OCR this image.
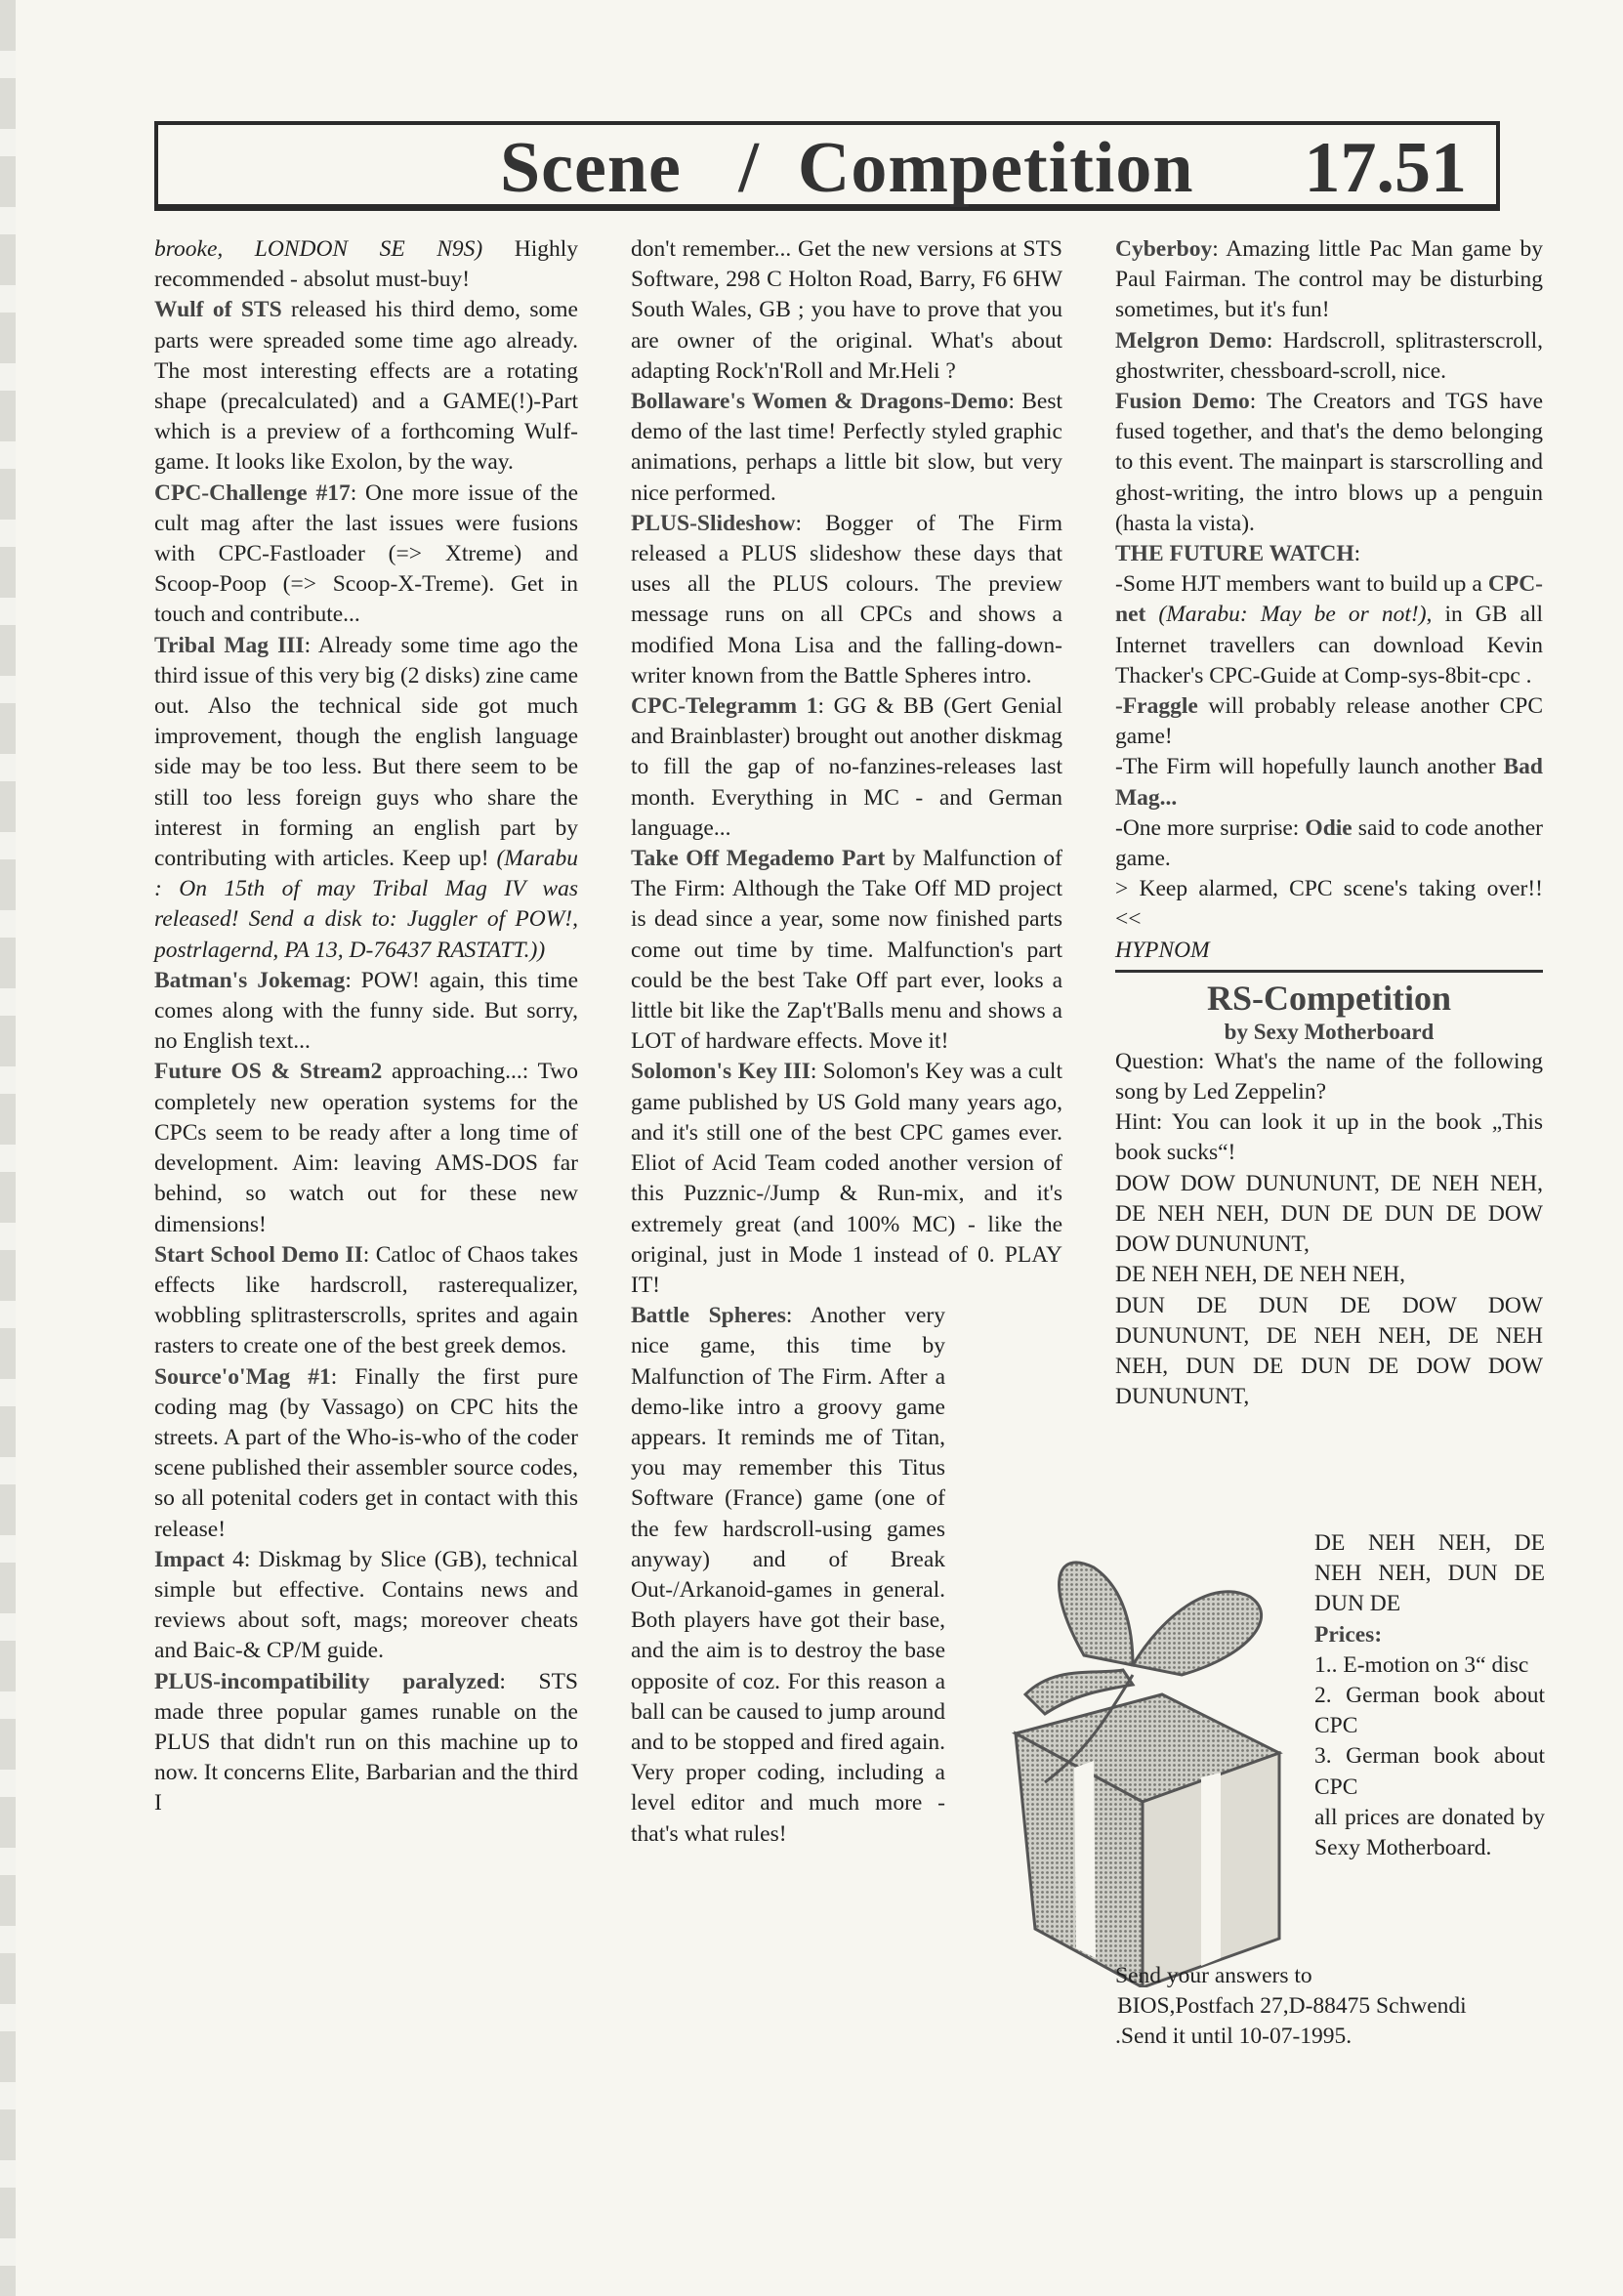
Scene   /  Competition 17.51

brooke, LONDON SE N9S) Highly recommended - absolut must-buy!

Wulf of STS released his third demo, some parts were spreaded some time ago already. The most interesting effects are a rotating shape (precalculated) and a GAME(!)-Part which is a preview of a forthcoming Wulf-game. It looks like Exolon, by the way.

CPC-Challenge #17: One more issue of the cult mag after the last issues were fusions with CPC-Fastloader (=> Xtreme) and Scoop-Poop (=> Scoop-X-Treme). Get in touch and contribute...

Tribal Mag III: Already some time ago the third issue of this very big (2 disks) zine came out. Also the technical side got much improvement, though the english language side may be too less. But there seem to be still too less foreign guys who share the interest in forming an english part by contributing with articles. Keep up! (Marabu : On 15th of may Tribal Mag IV was released! Send a disk to: Juggler of POW!, postrlagernd, PA 13, D-76437 RASTATT.))

Batman's Jokemag: POW! again, this time comes along with the funny side. But sorry, no English text...

Future OS & Stream2 approaching...: Two completely new operation systems for the CPCs seem to be ready after a long time of development. Aim: leaving AMS-DOS far behind, so watch out for these new dimensions!

Start School Demo II: Catloc of Chaos takes effects like hardscroll, rasterequalizer, wobbling splitrasterscrolls, sprites and again rasters to create one of the best greek demos.

Source'o'Mag #1: Finally the first pure coding mag (by Vassago) on CPC hits the streets. A part of the Who-is-who of the coder scene published their assembler source codes, so all potenital coders get in contact with this release!

Impact 4: Diskmag by Slice (GB), technical simple but effective. Contains news and reviews about soft, mags; moreover cheats and Baic-& CP/M guide.

PLUS-incompatibility paralyzed: STS made three popular games runable on the PLUS that didn't run on this machine up to now. It concerns Elite, Barbarian and the third I

don't remember... Get the new versions at STS Software, 298 C Holton Road, Barry, F6 6HW South Wales, GB ; you have to prove that you are owner of the original. What's about adapting Rock'n'Roll and Mr.Heli ?

Bollaware's Women & Dragons-Demo: Best demo of the last time! Perfectly styled graphic animations, perhaps a little bit slow, but very nice performed.

PLUS-Slideshow: Bogger of The Firm released a PLUS slideshow these days that uses all the PLUS colours. The preview message runs on all CPCs and shows a modified Mona Lisa and the falling-down-writer known from the Battle Spheres intro.

CPC-Telegramm 1: GG & BB (Gert Genial and Brainblaster) brought out another diskmag to fill the gap of no-fanzines-releases last month. Everything in MC - and German language...

Take Off Megademo Part by Malfunction of The Firm: Although the Take Off MD project is dead since a year, some now finished parts come out time by time. Malfunction's part could be the best Take Off part ever, looks a little bit like the Zap't'Balls menu and shows a LOT of hardware effects. Move it!

Solomon's Key III: Solomon's Key was a cult game published by US Gold many years ago, and it's still one of the best CPC games ever. Eliot of Acid Team coded another version of this Puzznic-/Jump & Run-mix, and it's extremely great (and 100% MC) - like the original, just in Mode 1 instead of 0. PLAY IT!

Battle Spheres: Another very nice game, this time by Malfunction of The Firm. After a demo-like intro a groovy game appears. It reminds me of Titan, you may remember this Titus Software (France) game (one of the few hardscroll-using games anyway) and of Break Out-/Arkanoid-games in general. Both players have got their base, and the aim is to destroy the base opposite of coz. For this reason a ball can be caused to jump around and to be stopped and fired again. Very proper coding, including a level editor and much more - that's what rules!

Cyberboy: Amazing little Pac Man game by Paul Fairman. The control may be disturbing sometimes, but it's fun!

Melgron Demo: Hardscroll, splitrasterscroll, ghostwriter, chessboard-scroll, nice.

Fusion Demo: The Creators and TGS have fused together, and that's the demo belonging to this event. The mainpart is starscrolling and ghost-writing, the intro blows up a penguin (hasta la vista).

THE FUTURE WATCH:

-Some HJT members want to build up a CPC-net (Marabu: May be or not!), in GB all Internet travellers can download Kevin Thacker's CPC-Guide at Comp-sys-8bit-cpc .

-Fraggle will probably release another CPC game!

-The Firm will hopefully launch another Bad Mag...

-One more surprise: Odie said to code another game.

> Keep alarmed, CPC scene's taking over!! <<

HYPNOM

RS-Competition
by Sexy Motherboard

Question: What's the name of the following song by Led Zeppelin?

Hint: You can look it up in the book „This book sucks“!

DOW DOW DUNUNUNT, DE NEH NEH, DE NEH NEH, DUN DE DUN DE DOW DOW DUNUNUNT,

DE NEH NEH, DE NEH NEH,

DUN DE DUN DE DOW DOW DUNUNUNT, DE NEH NEH, DE NEH NEH, DUN DE DUN DE DOW DOW DUNUNUNT,

DE NEH NEH, DE NEH NEH, DUN DE DUN DE

Prices:

1.. E-motion on 3“ disc

2. German book about CPC

3. German book about CPC

all prices are donated by Sexy Motherboard.

Send your answers to

BIOS,Postfach 27,D-88475 Schwendi

.Send it until 10-07-1995.
